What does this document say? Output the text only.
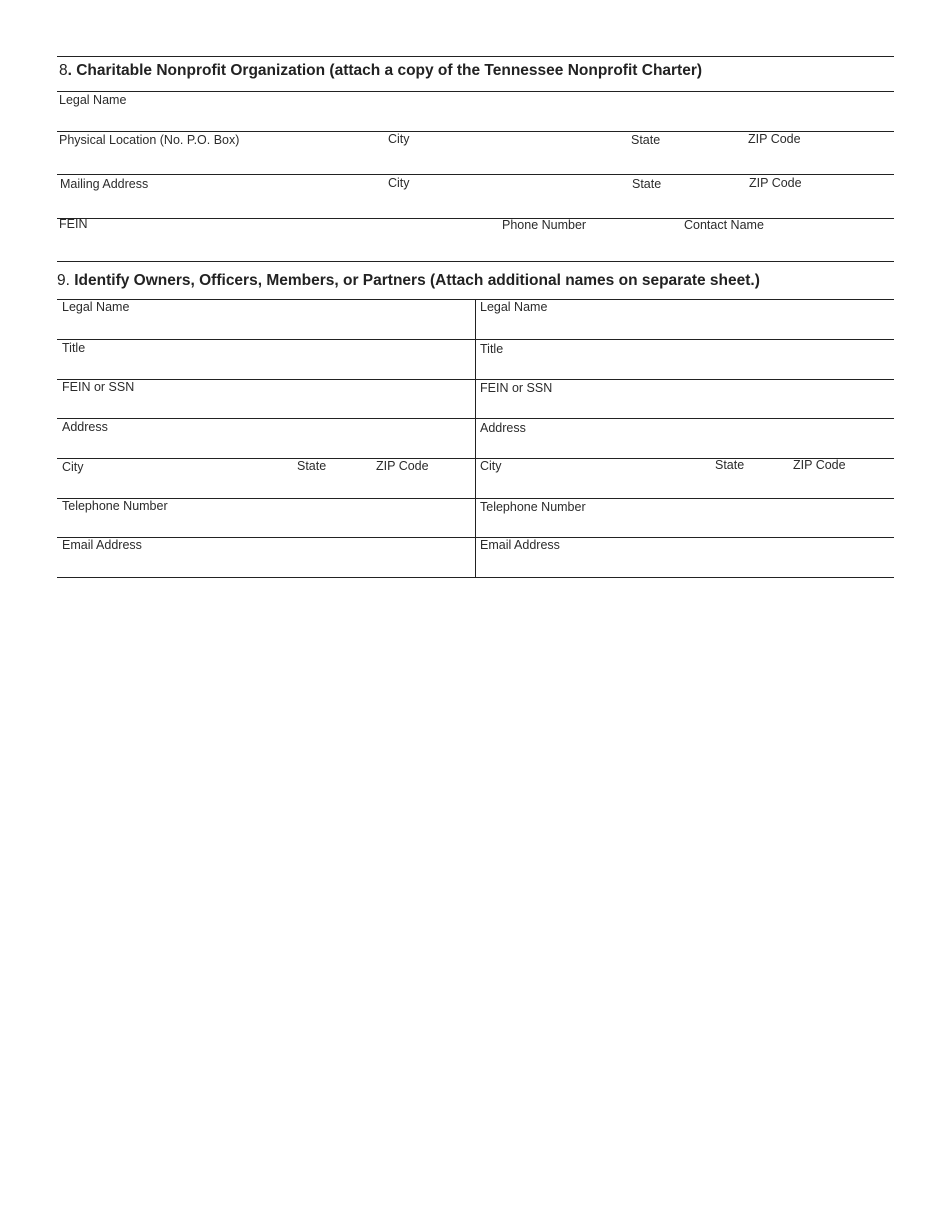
8. Charitable Nonprofit Organization (attach a copy of the Tennessee Nonprofit Charter)
Legal Name
Physical Location (No. P.O. Box)	City	State	ZIP Code
Mailing Address	City	State	ZIP Code
FEIN	Phone Number	Contact Name
9. Identify Owners, Officers, Members, or Partners (Attach additional names on separate sheet.)
Legal Name	Legal Name
Title	Title
FEIN or SSN	FEIN or SSN
Address	Address
City	State	ZIP Code	City	State	ZIP Code
Telephone Number	Telephone Number
Email Address	Email Address
